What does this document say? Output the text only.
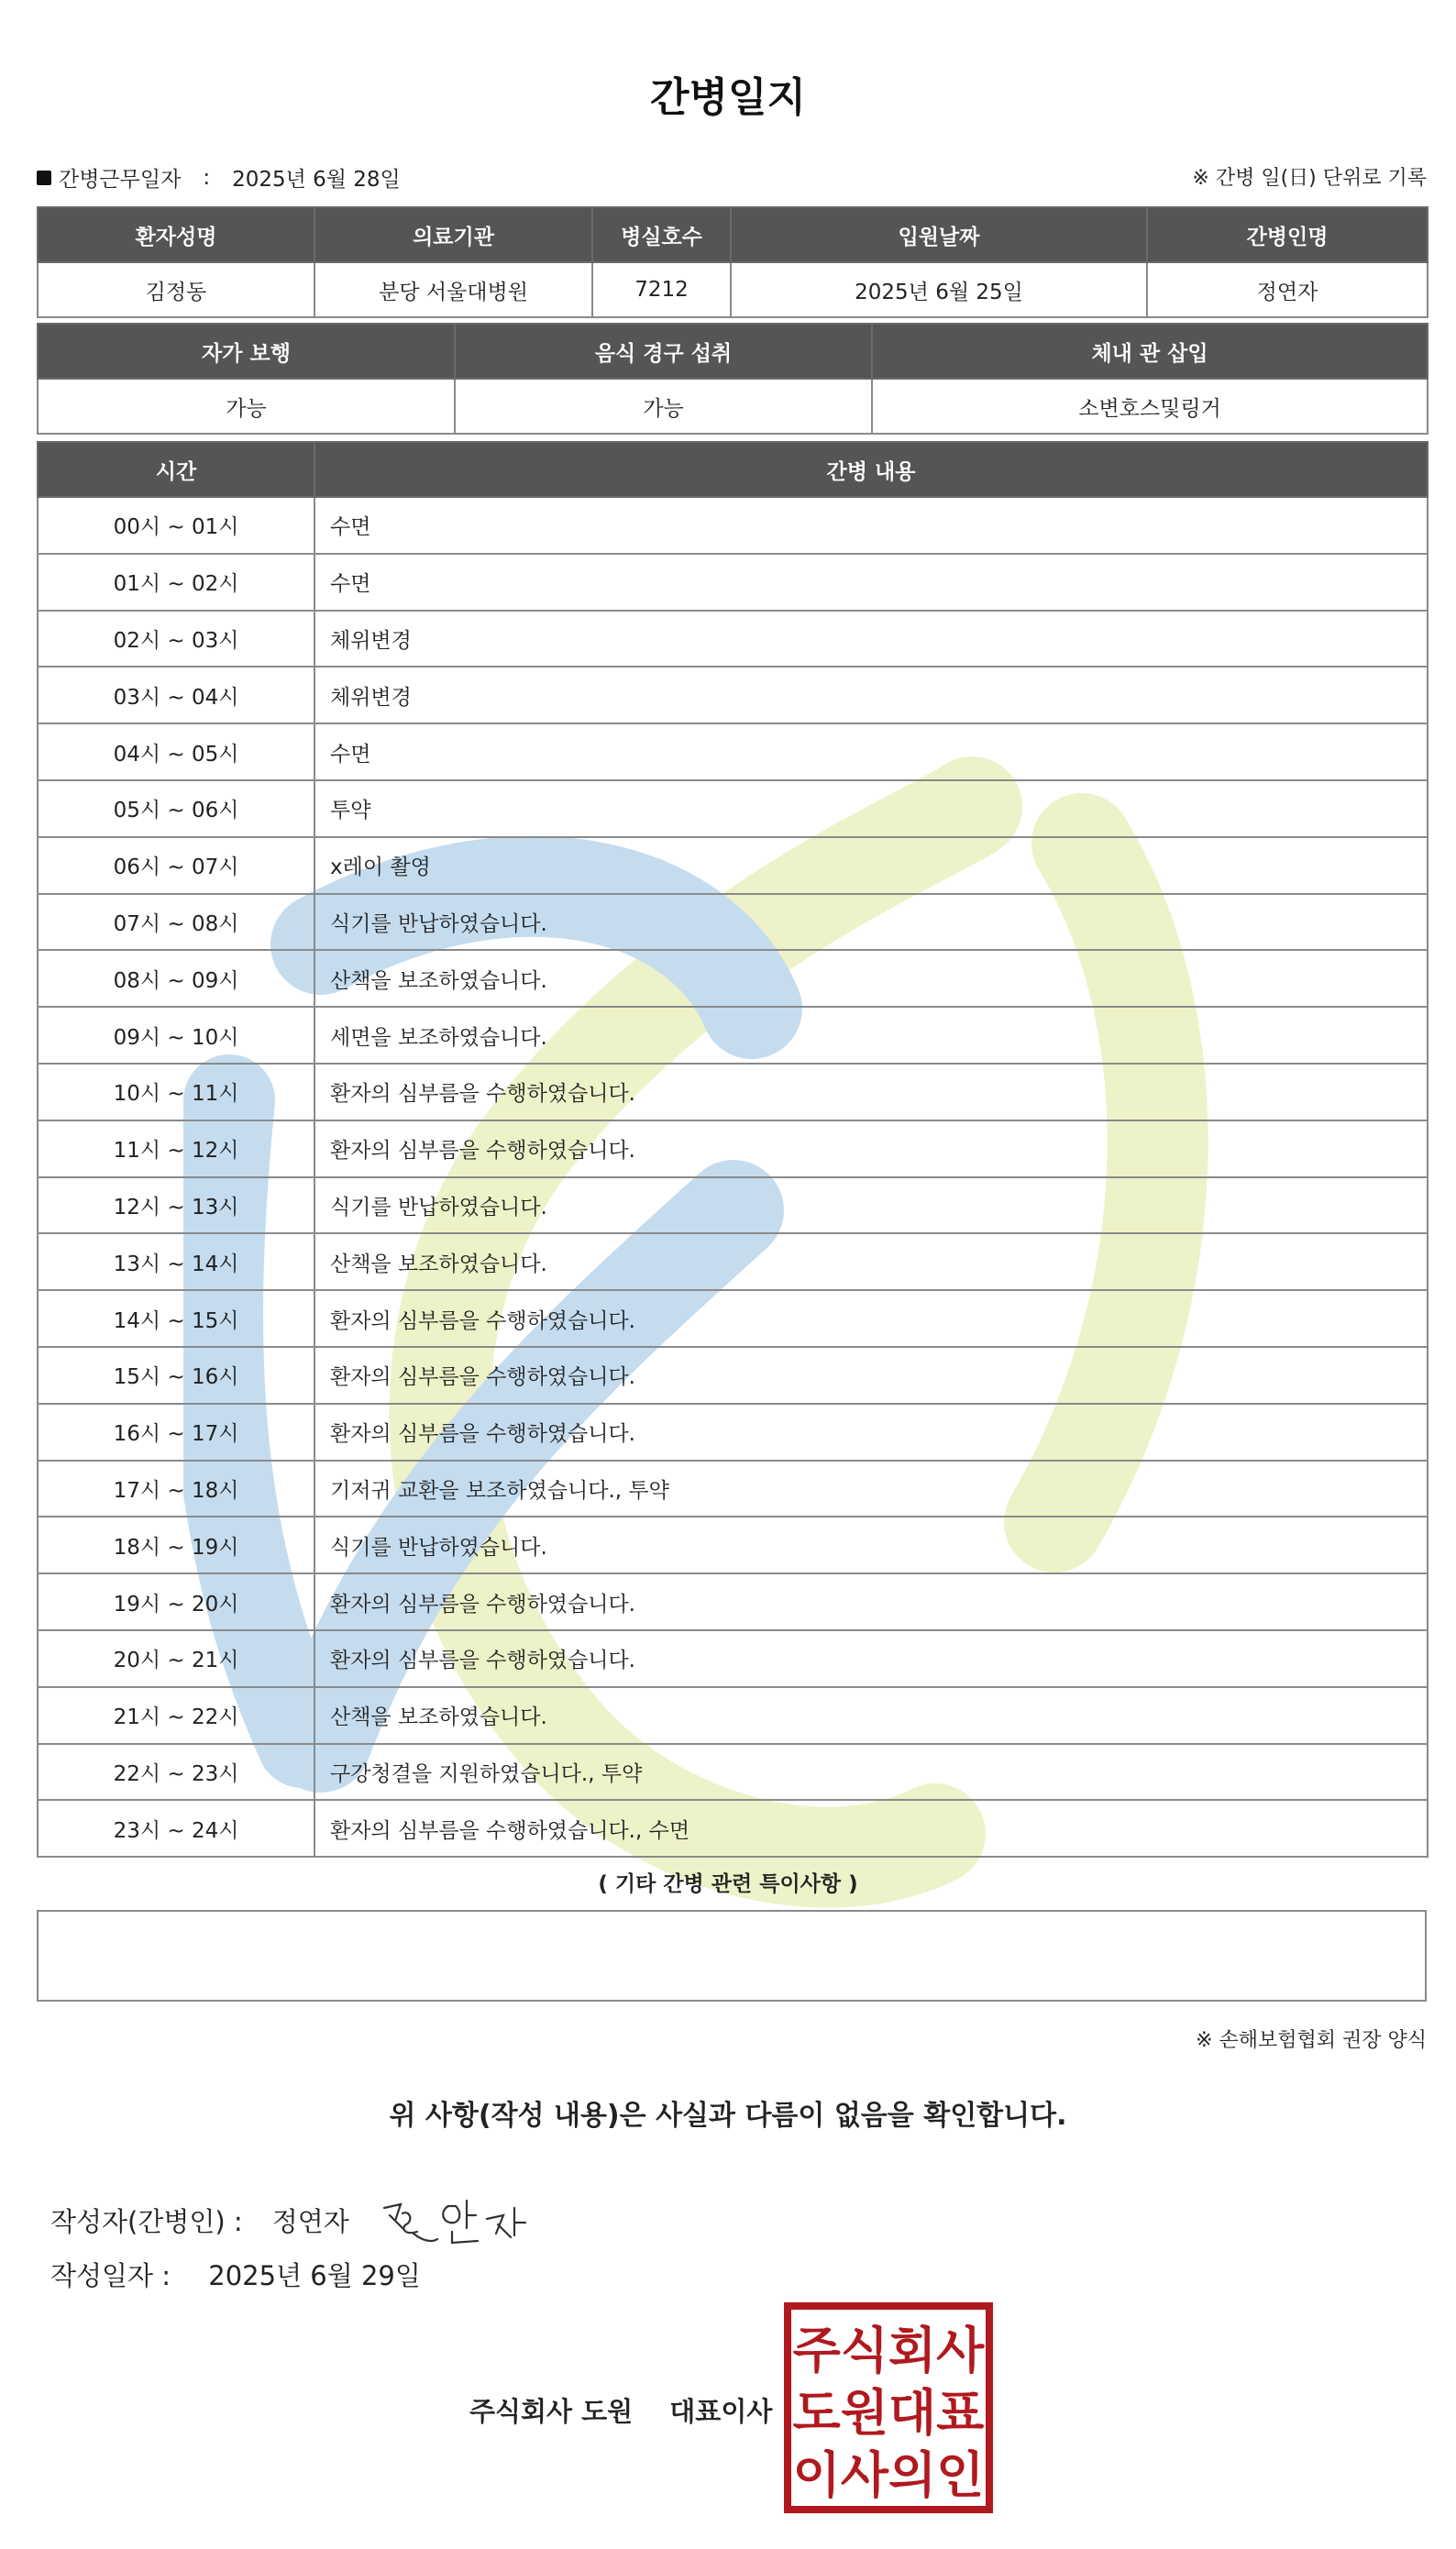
간병일지
간병근무일자 : 2025년 6월 28일	※ 간병 일(日) 단위로 기록
환자성명	의료기관	병실호수	입원날짜	간병인명
김정동	분당 서울대병원	7212	2025년 6월 25일	정연자
자가 보행	음식 경구 섭취	체내 관 삽입
가능	가능	소변호스및링거
시간	간병 내용
00시 ~ 01시	수면
01시 ~ 02시	수면
02시 ~ 03시	체위변경
03시 ~ 04시	체위변경
04시 ~ 05시	수면
05시 ~ 06시	투약
06시 ~ 07시	x레이 촬영
07시 ~ 08시	식기를 반납하였습니다.
08시 ~ 09시	산책을 보조하였습니다.
09시 ~ 10시	세면을 보조하였습니다.
10시 ~ 11시	환자의 심부름을 수행하였습니다.
11시 ~ 12시	환자의 심부름을 수행하였습니다.
12시 ~ 13시	식기를 반납하였습니다.
13시 ~ 14시	산책을 보조하였습니다.
14시 ~ 15시	환자의 심부름을 수행하였습니다.
15시 ~ 16시	환자의 심부름을 수행하였습니다.
16시 ~ 17시	환자의 심부름을 수행하였습니다.
17시 ~ 18시	기저귀 교환을 보조하였습니다., 투약
18시 ~ 19시	식기를 반납하였습니다.
19시 ~ 20시	환자의 심부름을 수행하였습니다.
20시 ~ 21시	환자의 심부름을 수행하였습니다.
21시 ~ 22시	산책을 보조하였습니다.
22시 ~ 23시	구강청결을 지원하였습니다., 투약
23시 ~ 24시	환자의 심부름을 수행하였습니다., 수면
( 기타 간병 관련 특이사항 )
※ 손해보험협회 권장 양식
위 사항(작성 내용)은 사실과 다름이 없음을 확인합니다.
작성자(간병인) : 정연자
작성일자 : 2025년 6월 29일
주식회사 도원 대표이사
주식회사
도원대표
이사의인
